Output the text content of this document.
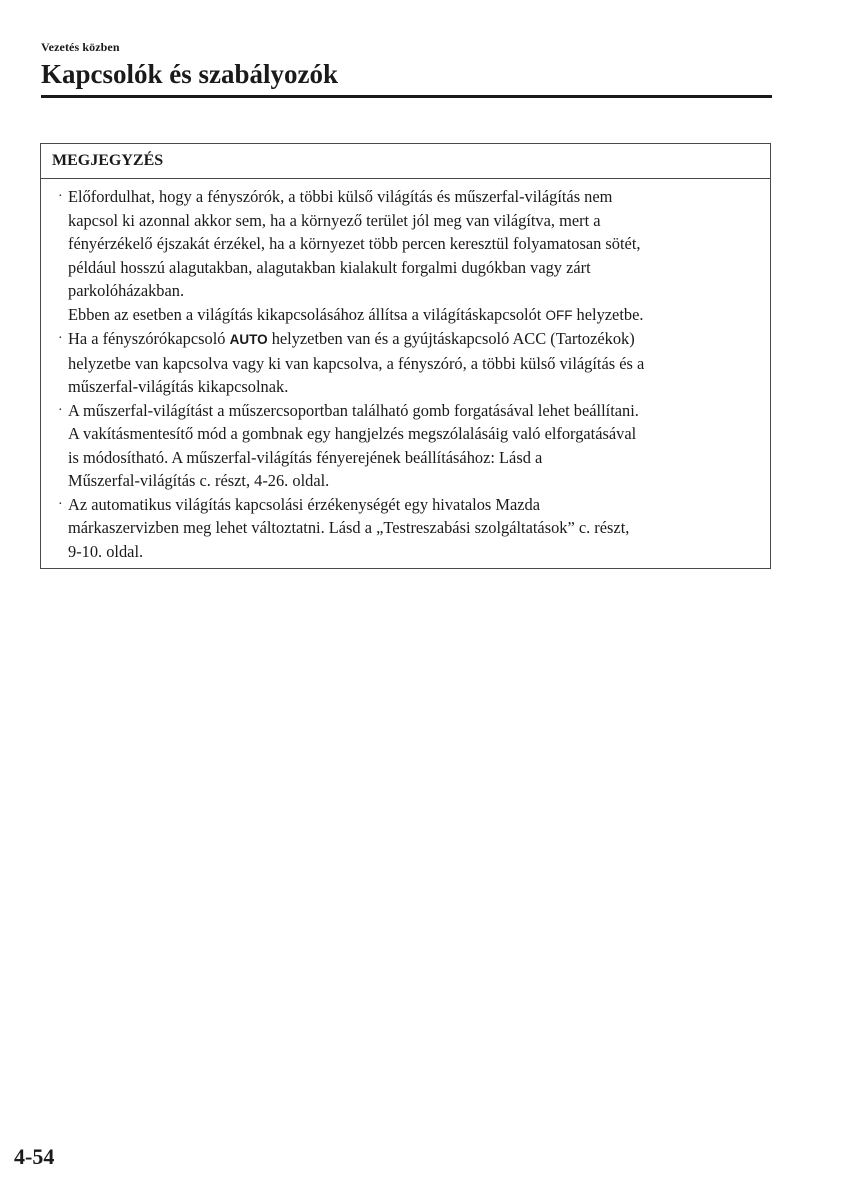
Vezetés közben
Kapcsolók és szabályozók
MEGJEGYZÉS
· Előfordulhat, hogy a fényszórók, a többi külső világítás és műszerfal-világítás nem
kapcsol ki azonnal akkor sem, ha a környező terület jól meg van világítva, mert a
fényérzékelő éjszakát érzékel, ha a környezet több percen keresztül folyamatosan sötét,
például hosszú alagutakban, alagutakban kialakult forgalmi dugókban vagy zárt
parkolóházakban.
Ebben az esetben a világítás kikapcsolásához állítsa a világításkapcsolót OFF helyzetbe.
· Ha a fényszórókapcsoló AUTO helyzetben van és a gyújtáskapcsoló ACC (Tartozékok)
helyzetbe van kapcsolva vagy ki van kapcsolva, a fényszóró, a többi külső világítás és a
műszerfal-világítás kikapcsolnak.
· A műszerfal-világítást a műszercsoportban található gomb forgatásával lehet beállítani.
A vakításmentesítő mód a gombnak egy hangjelzés megszólalásáig való elforgatásával
is módosítható. A műszerfal-világítás fényerejének beállításához: Lásd a
Műszerfal-világítás c. részt, 4-26. oldal.
· Az automatikus világítás kapcsolási érzékenységét egy hivatalos Mazda
márkaszervizben meg lehet változtatni. Lásd a „Testreszabási szolgáltatások” c. részt,
9-10. oldal.
4-54
